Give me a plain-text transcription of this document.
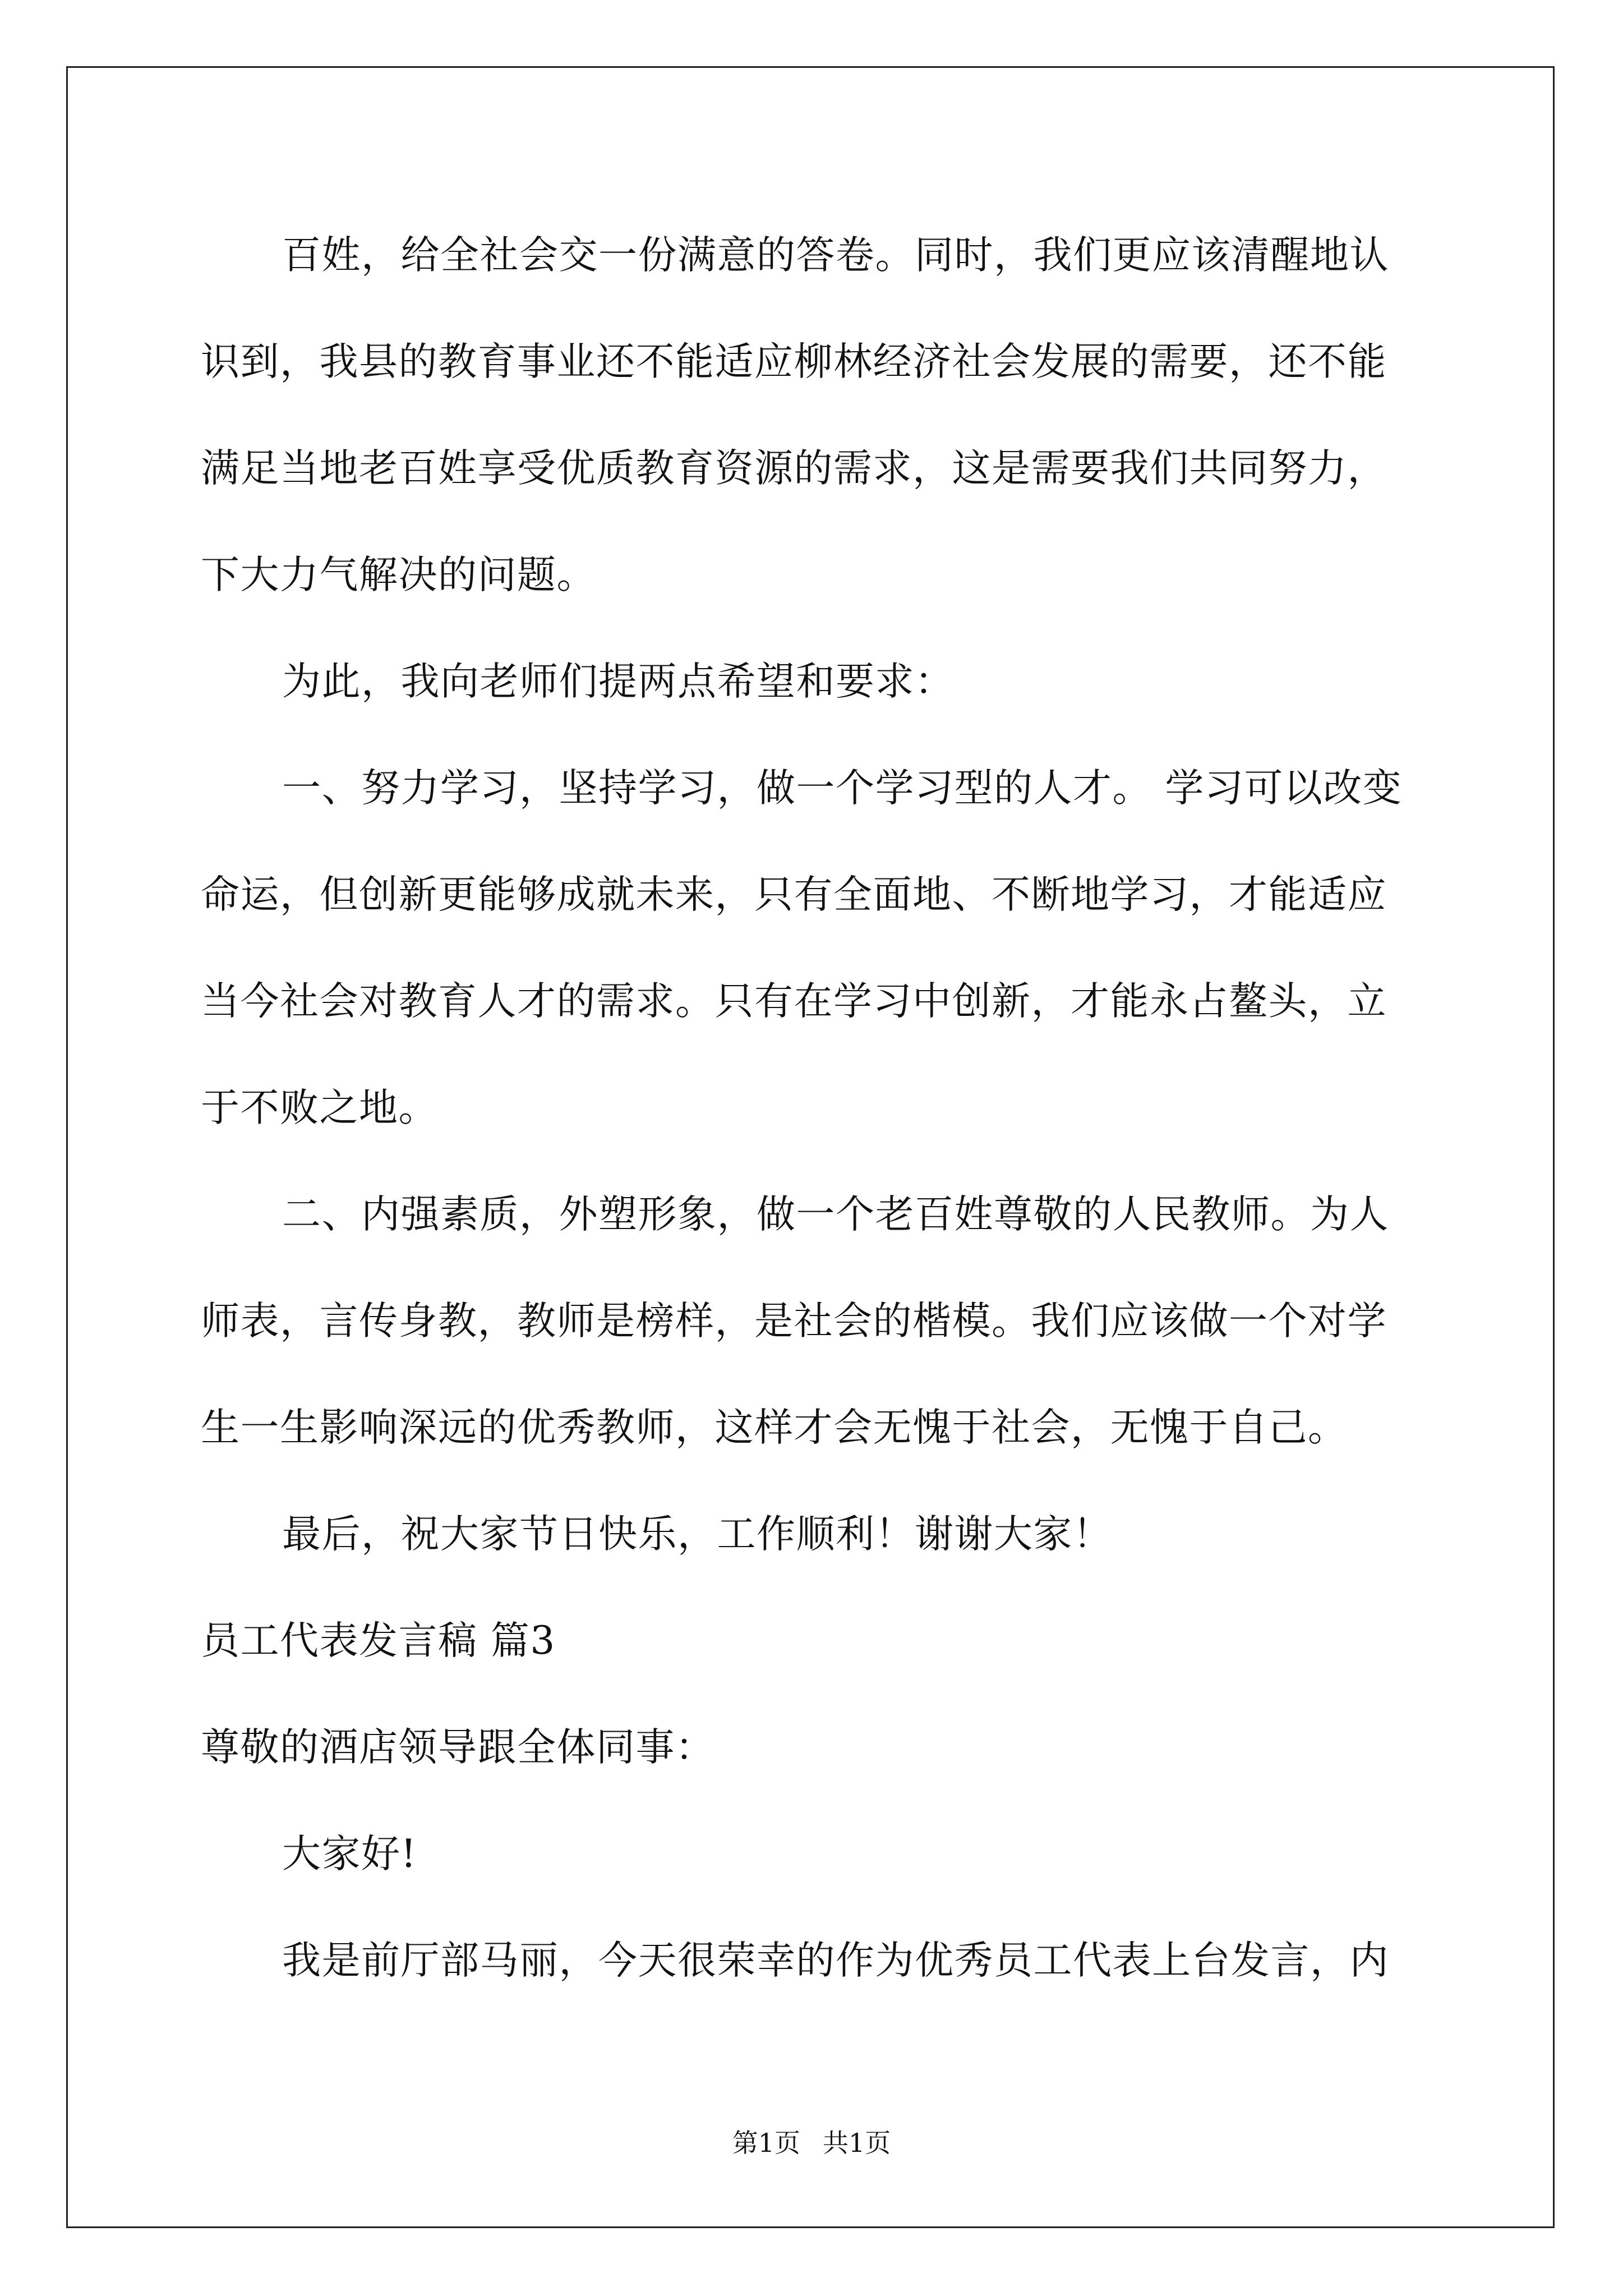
百姓，给全社会交一份满意的答卷。同时，我们更应该清醒地认

识到，我县的教育事业还不能适应柳林经济社会发展的需要，还不能

满足当地老百姓享受优质教育资源的需求，这是需要我们共同努力，

下大力气解决的问题。

为此，我向老师们提两点希望和要求：

一、努力学习，坚持学习，做一个学习型的人才。 学习可以改变

命运，但创新更能够成就未来，只有全面地、不断地学习，才能适应

当今社会对教育人才的需求。只有在学习中创新，才能永占鳌头，立

于不败之地。

二、内强素质，外塑形象，做一个老百姓尊敬的人民教师。为人

师表，言传身教，教师是榜样，是社会的楷模。我们应该做一个对学

生一生影响深远的优秀教师，这样才会无愧于社会，无愧于自己。

最后，祝大家节日快乐，工作顺利！谢谢大家！

员工代表发言稿 篇3

尊敬的酒店领导跟全体同事：

大家好!

我是前厅部马丽，今天很荣幸的作为优秀员工代表上台发言，内

第1页 共1页
